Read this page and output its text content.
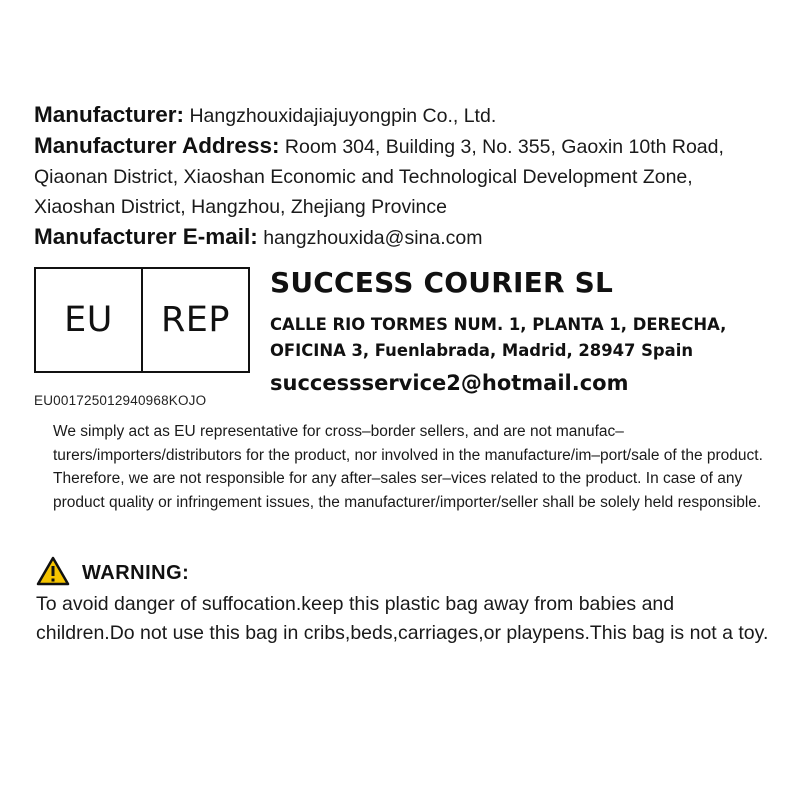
Manufacturer: Hangzhouxidajiajuyongpin Co., Ltd.
Manufacturer Address: Room 304, Building 3, No. 355, Gaoxin 10th Road, Qiaonan District, Xiaoshan Economic and Technological Development Zone, Xiaoshan District, Hangzhou, Zhejiang Province
Manufacturer E-mail: hangzhouxida@sina.com
EU	REP
EU001725012940968KOJO
SUCCESS COURIER SL
CALLE RIO TORMES NUM. 1, PLANTA 1, DERECHA,
OFICINA 3, Fuenlabrada, Madrid, 28947 Spain
successservice2@hotmail.com
We simply act as EU representative for cross–border sellers, and are not manufac–turers/importers/distributors for the product, nor involved in the manufacture/im–port/sale of the product. Therefore, we are not responsible for any after–sales ser–vices related to the product. In case of any product quality or infringement issues, the manufacturer/importer/seller shall be solely held responsible.
WARNING:
To avoid danger of suffocation.keep this plastic bag away from babies and children.Do not use this bag in cribs,beds,carriages,or playpens.This bag is not a toy.
